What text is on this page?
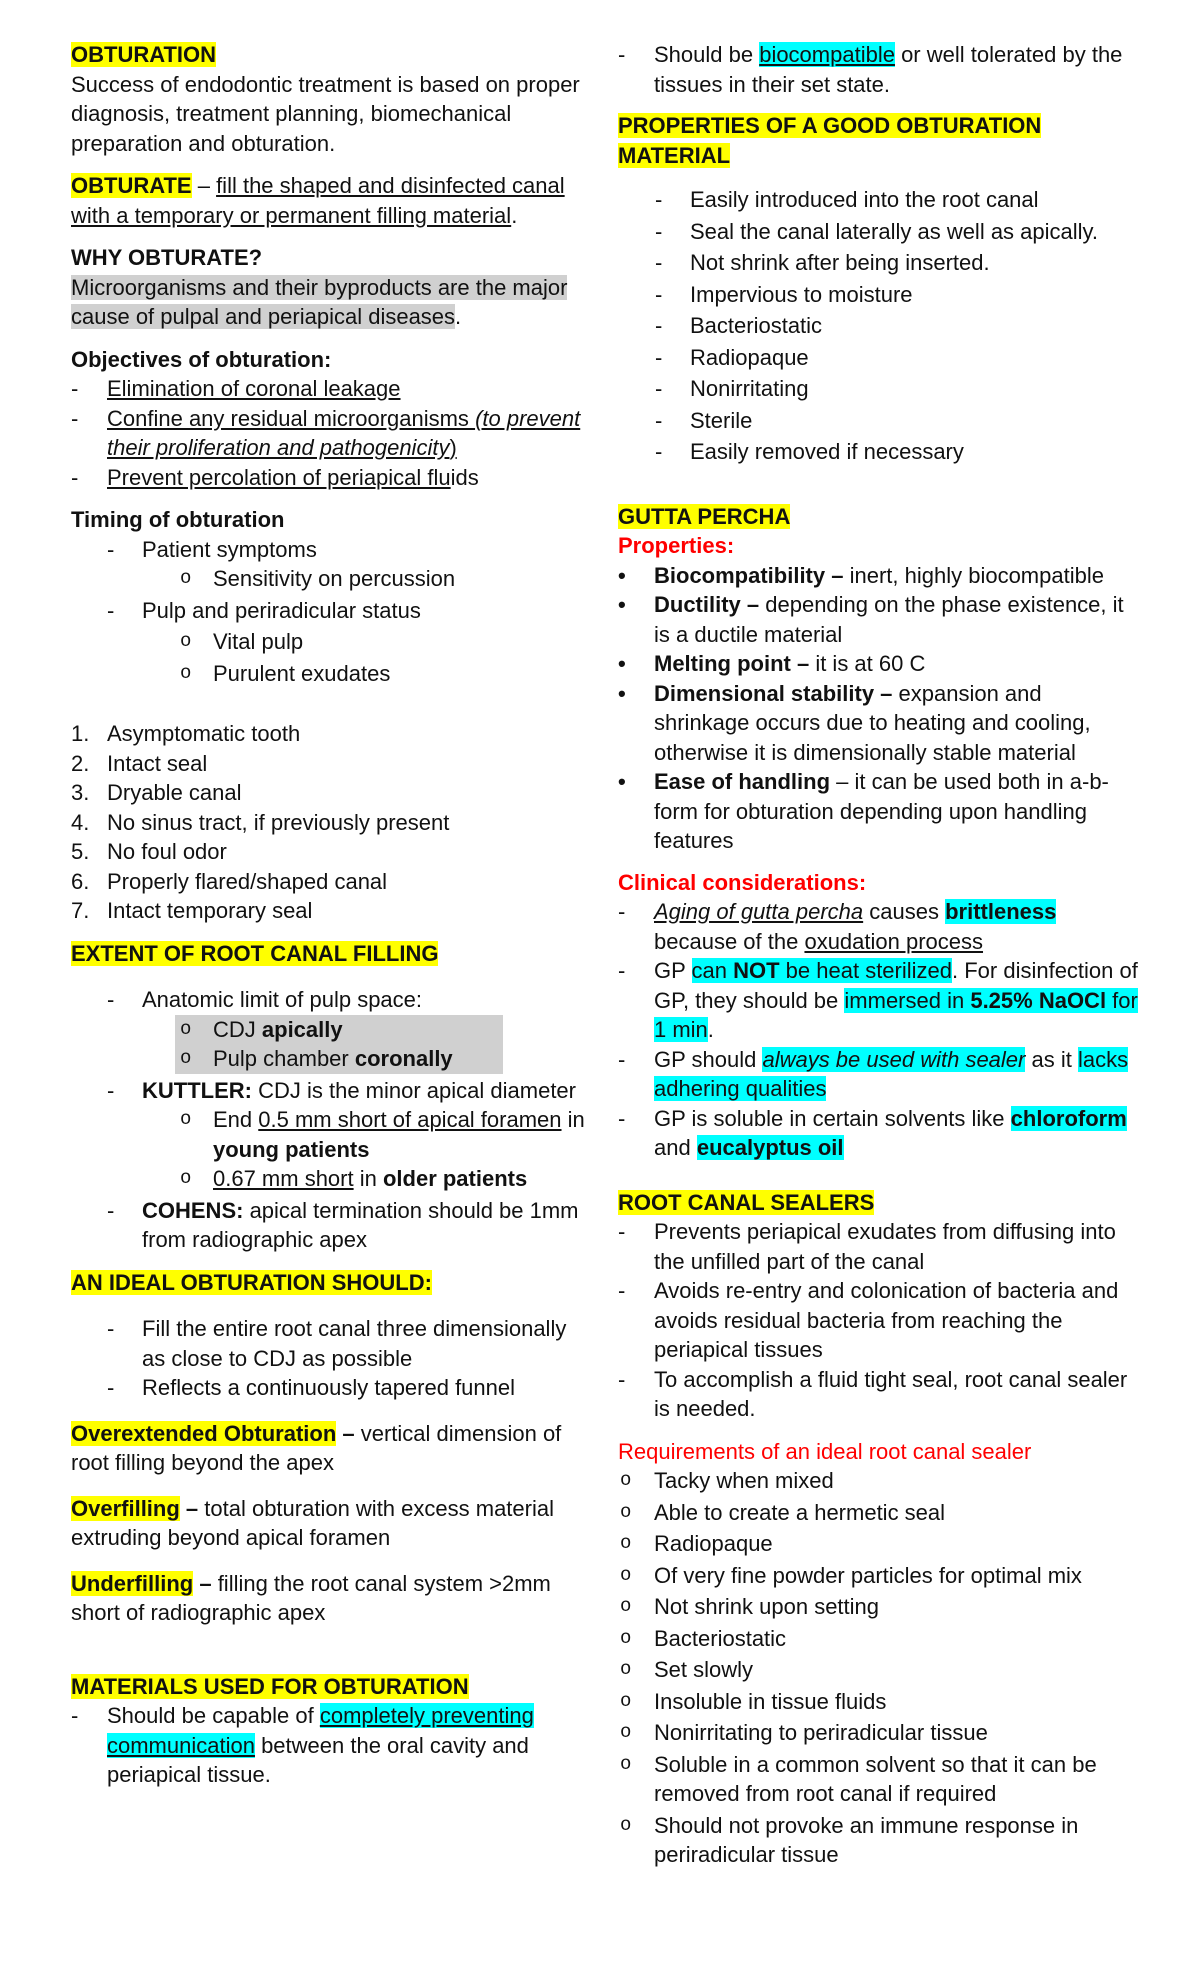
OBTURATION

Success of endodontic treatment is based on proper diagnosis, treatment planning, biomechanical preparation and obturation.

OBTURATE – fill the shaped and disinfected canal with a temporary or permanent filling material.

WHY OBTURATE?

Microorganisms and their byproducts are the major cause of pulpal and periapical diseases.

Objectives of obturation:

- Elimination of coronal leakage
- Confine any residual microorganisms (to prevent their proliferation and pathogenicity)
- Prevent percolation of periapical fluids

Timing of obturation

- Patient symptoms
o Sensitivity on percussion
- Pulp and periradicular status
o Vital pulp
o Purulent exudates
1. Asymptomatic tooth
2. Intact seal
3. Dryable canal
4. No sinus tract, if previously present
5. No foul odor
6. Properly flared/shaped canal
7. Intact temporary seal

EXTENT OF ROOT CANAL FILLING

- Anatomic limit of pulp space:
o CDJ apically
o Pulp chamber coronally
- KUTTLER: CDJ is the minor apical diameter
o End 0.5 mm short of apical foramen in young patients
o 0.67 mm short in older patients
- COHENS: apical termination should be 1mm from radiographic apex

AN IDEAL OBTURATION SHOULD:

- Fill the entire root canal three dimensionally as close to CDJ as possible
- Reflects a continuously tapered funnel

Overextended Obturation – vertical dimension of root filling beyond the apex

Overfilling – total obturation with excess material extruding beyond apical foramen

Underfilling – filling the root canal system >2mm short of radiographic apex

MATERIALS USED FOR OBTURATION

- Should be capable of completely preventing communication between the oral cavity and periapical tissue.
- Should be biocompatible or well tolerated by the tissues in their set state.

PROPERTIES OF A GOOD OBTURATION MATERIAL

- Easily introduced into the root canal
- Seal the canal laterally as well as apically.
- Not shrink after being inserted.
- Impervious to moisture
- Bacteriostatic
- Radiopaque
- Nonirritating
- Sterile
- Easily removed if necessary

GUTTA PERCHA

Properties:

• Biocompatibility – inert, highly biocompatible
• Ductility – depending on the phase existence, it is a ductile material
• Melting point – it is at 60 C
• Dimensional stability – expansion and shrinkage occurs due to heating and cooling, otherwise it is dimensionally stable material
• Ease of handling – it can be used both in a-b-form for obturation depending upon handling features

Clinical considerations:

- Aging of gutta percha causes brittleness because of the oxudation process
- GP can NOT be heat sterilized. For disinfection of GP, they should be immersed in 5.25% NaOCl for 1 min.
- GP should always be used with sealer as it lacks adhering qualities
- GP is soluble in certain solvents like chloroform and eucalyptus oil

ROOT CANAL SEALERS

- Prevents periapical exudates from diffusing into the unfilled part of the canal
- Avoids re-entry and colonication of bacteria and avoids residual bacteria from reaching the periapical tissues
- To accomplish a fluid tight seal, root canal sealer is needed.

Requirements of an ideal root canal sealer

o Tacky when mixed
o Able to create a hermetic seal
o Radiopaque
o Of very fine powder particles for optimal mix
o Not shrink upon setting
o Bacteriostatic
o Set slowly
o Insoluble in tissue fluids
o Nonirritating to periradicular tissue
o Soluble in a common solvent so that it can be removed from root canal if required
o Should not provoke an immune response in periradicular tissue
